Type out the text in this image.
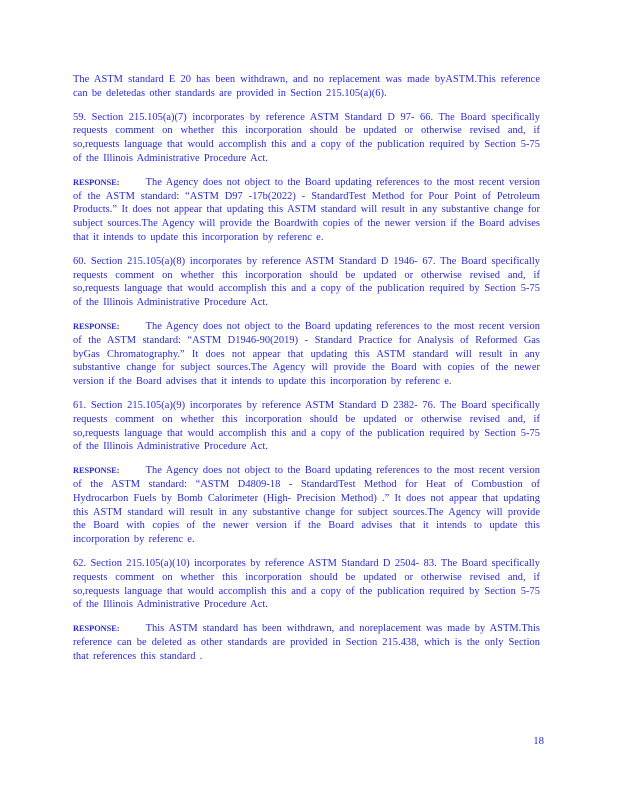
The ASTM standard E 20 has been withdrawn, and no replacement was made byASTM.This reference can be deletedas other standards are provided in Section 215.105(a)(6).

59. Section 215.105(a)(7) incorporates by reference ASTM Standard D 97- 66. The Board specifically requests comment on whether this incorporation should be updated or otherwise revised and, if so,requests language that would accomplish this and a copy of the publication required by Section 5-75 of the Illinois Administrative Procedure Act.

RESPONSE:	The Agency does not object to the Board updating references to the most recent version of the ASTM standard: “ASTM D97 -17b(2022) - StandardTest Method for Pour Point of Petroleum Products.” It does not appear that updating this ASTM standard will result in any substantive change for subject sources.The Agency will provide the Boardwith copies of the newer version if the Board advises that it intends to update this incorporation by referenc e.

60. Section 215.105(a)(8) incorporates by reference ASTM Standard D 1946- 67. The Board specifically requests comment on whether this incorporation should be updated or otherwise revised and, if so,requests language that would accomplish this and a copy of the publication required by Section 5-75 of the Illinois Administrative Procedure Act.

RESPONSE:	The Agency does not object to the Board updating references to the most recent version of the ASTM standard: “ASTM D1946-90(2019) - Standard Practice for Analysis of Reformed Gas byGas Chromatography.” It does not appear that updating this ASTM standard will result in any substantive change for subject sources.The Agency will provide the Board with copies of the newer version if the Board advises that it intends to update this incorporation by referenc e.

61. Section 215.105(a)(9) incorporates by reference ASTM Standard D 2382- 76. The Board specifically requests comment on whether this incorporation should be updated or otherwise revised and, if so,requests language that would accomplish this and a copy of the publication required by Section 5-75 of the Illinois Administrative Procedure Act.

RESPONSE:	The Agency does not object to the Board updating references to the most recent version of the ASTM standard: “ASTM D4809-18 - StandardTest Method for Heat of Combustion of Hydrocarbon Fuels by Bomb Calorimeter (High- Precision Method) .” It does not appear that updating this ASTM standard will result in any substantive change for subject sources.The Agency will provide the Board with copies of the newer version if the Board advises that it intends to update this incorporation by referenc e.

62. Section 215.105(a)(10) incorporates by reference ASTM Standard D 2504- 83. The Board specifically requests comment on whether this incorporation should be updated or otherwise revised and, if so,requests language that would accomplish this and a copy of the publication required by Section 5-75 of the Illinois Administrative Procedure Act.

RESPONSE:	This ASTM standard has been withdrawn, and noreplacement was made by ASTM.This reference can be deleted as other standards are provided in Section 215.438, which is the only Section that references this standard .

18
